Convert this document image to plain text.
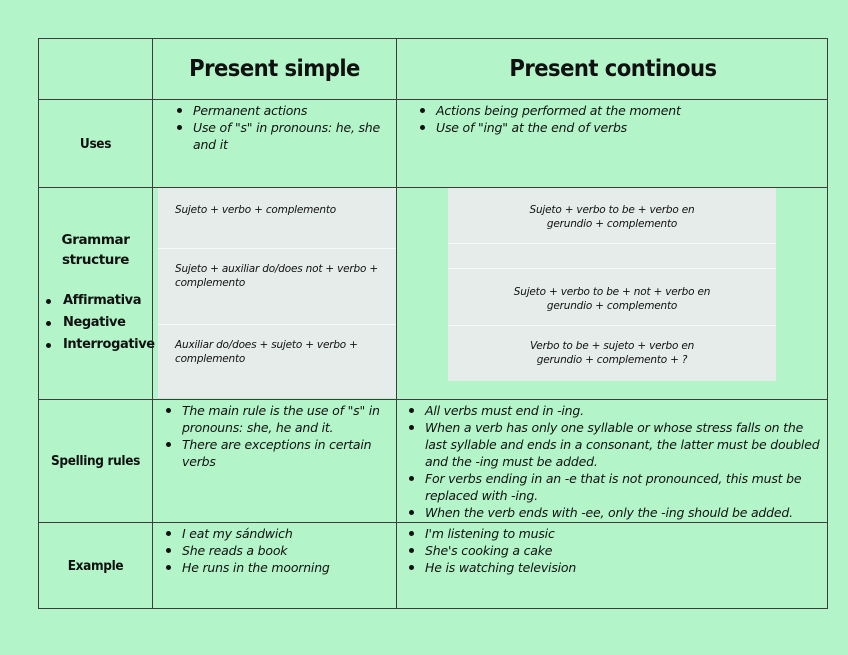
Present simple	Present continous
Uses
Permanent actions
Use of "s" in pronouns: he, she and it
Actions being performed at the moment
Use of "ing" at the end of verbs
Grammar
structure
Affirmativa
Negative
Interrogative
Sujeto + verbo + complemento
Sujeto + auxiliar do/does not + verbo + complemento
Auxiliar do/does + sujeto + verbo + complemento
Sujeto + verbo to be + verbo en gerundio + complemento
Sujeto + verbo to be + not + verbo en gerundio + complemento
Verbo to be + sujeto + verbo en gerundio + complemento + ?
Spelling rules
The main rule is the use of "s" in pronouns: she, he and it.
There are exceptions in certain verbs
All verbs must end in -ing.
When a verb has only one syllable or whose stress falls on the last syllable and ends in a consonant, the latter must be doubled and the -ing must be added.
For verbs ending in an -e that is not pronounced, this must be replaced with -ing.
When the verb ends with -ee, only the -ing should be added.
Example
I eat my sándwich
She reads a book
He runs in the moorning
I'm listening to music
She's cooking a cake
He is watching television
